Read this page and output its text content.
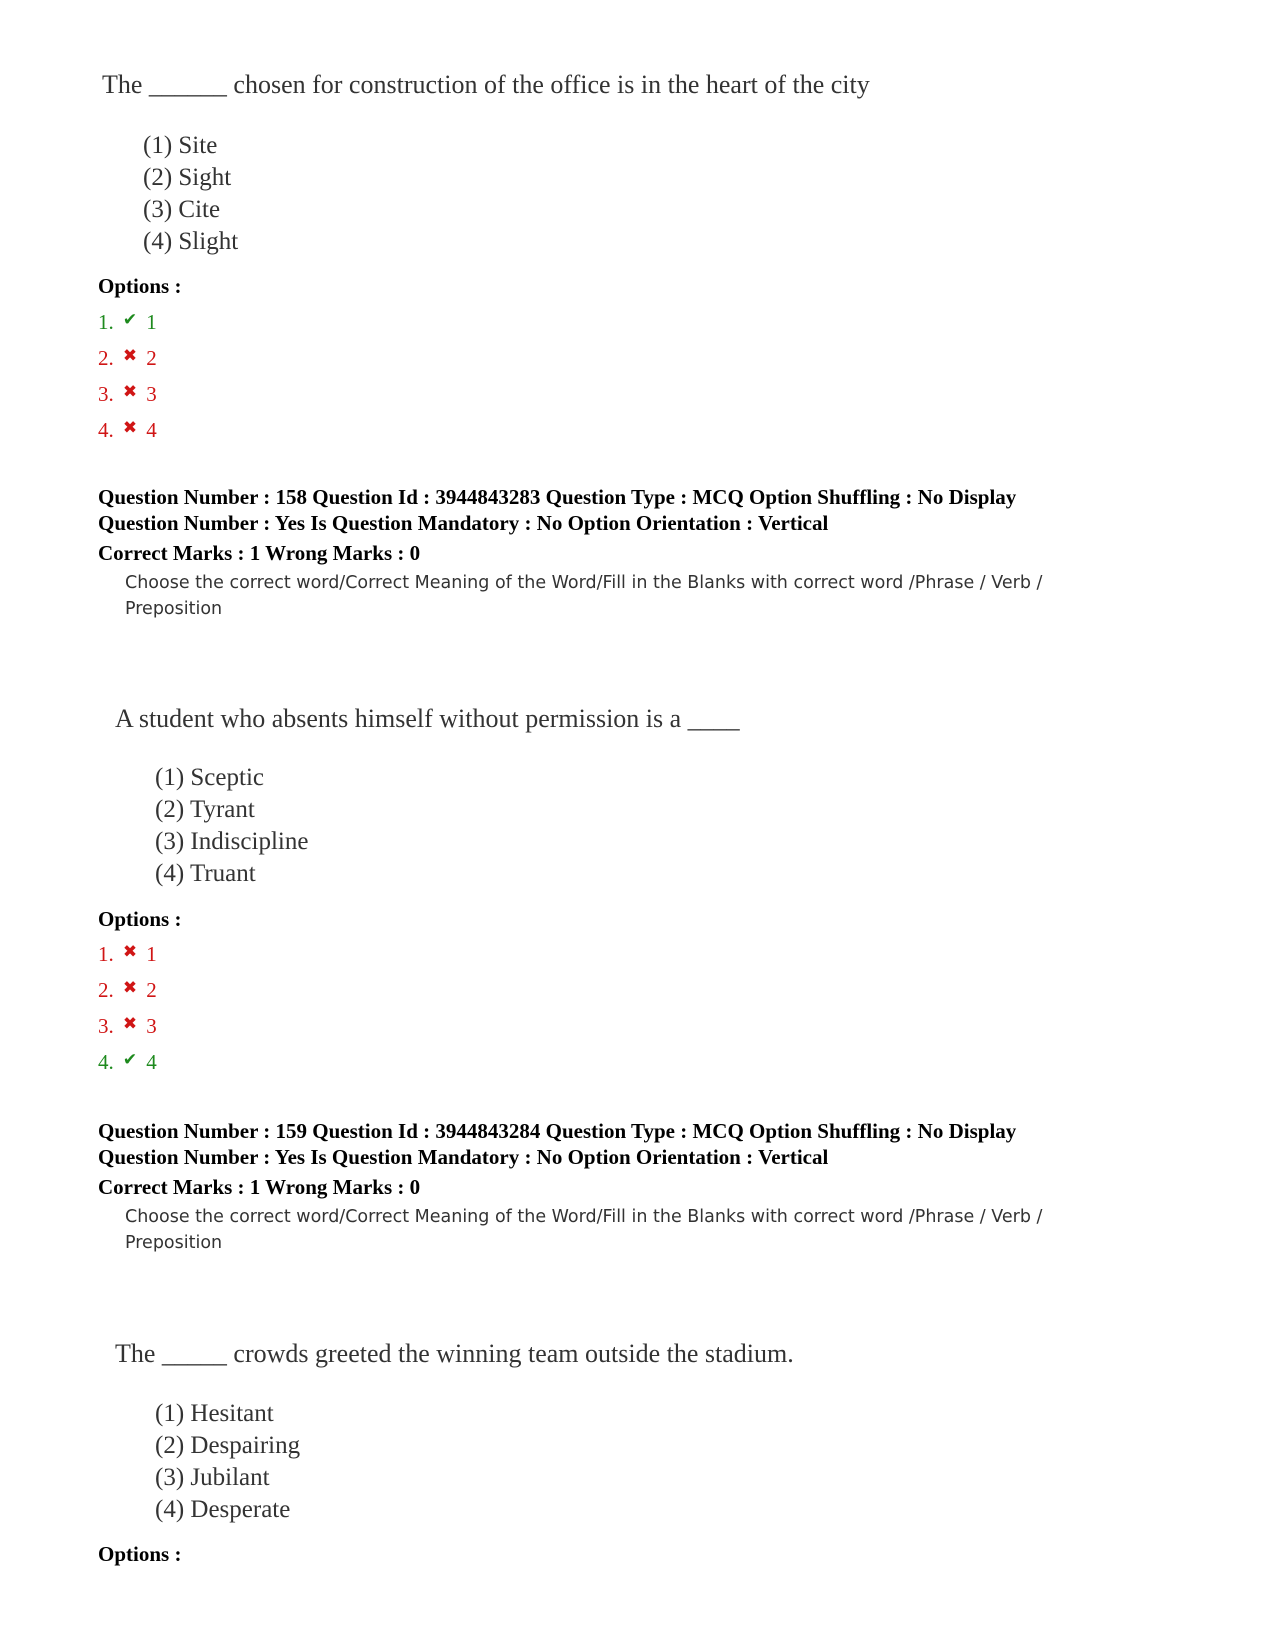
The ______ chosen for construction of the office is in the heart of the city
(1) Site
(2) Sight
(3) Cite
(4) Slight
Options :
1. ✔ 1
2. ✖ 2
3. ✖ 3
4. ✖ 4
Question Number : 158 Question Id : 3944843283 Question Type : MCQ Option Shuffling : No Display
Question Number : Yes Is Question Mandatory : No Option Orientation : Vertical
Correct Marks : 1 Wrong Marks : 0
Choose the correct word/Correct Meaning of the Word/Fill in the Blanks with correct word /Phrase / Verb / Preposition
A student who absents himself without permission is a ____
(1) Sceptic
(2) Tyrant
(3) Indiscipline
(4) Truant
Options :
1. ✖ 1
2. ✖ 2
3. ✖ 3
4. ✔ 4
Question Number : 159 Question Id : 3944843284 Question Type : MCQ Option Shuffling : No Display
Question Number : Yes Is Question Mandatory : No Option Orientation : Vertical
Correct Marks : 1 Wrong Marks : 0
Choose the correct word/Correct Meaning of the Word/Fill in the Blanks with correct word /Phrase / Verb / Preposition
The _____ crowds greeted the winning team outside the stadium.
(1) Hesitant
(2) Despairing
(3) Jubilant
(4) Desperate
Options :
